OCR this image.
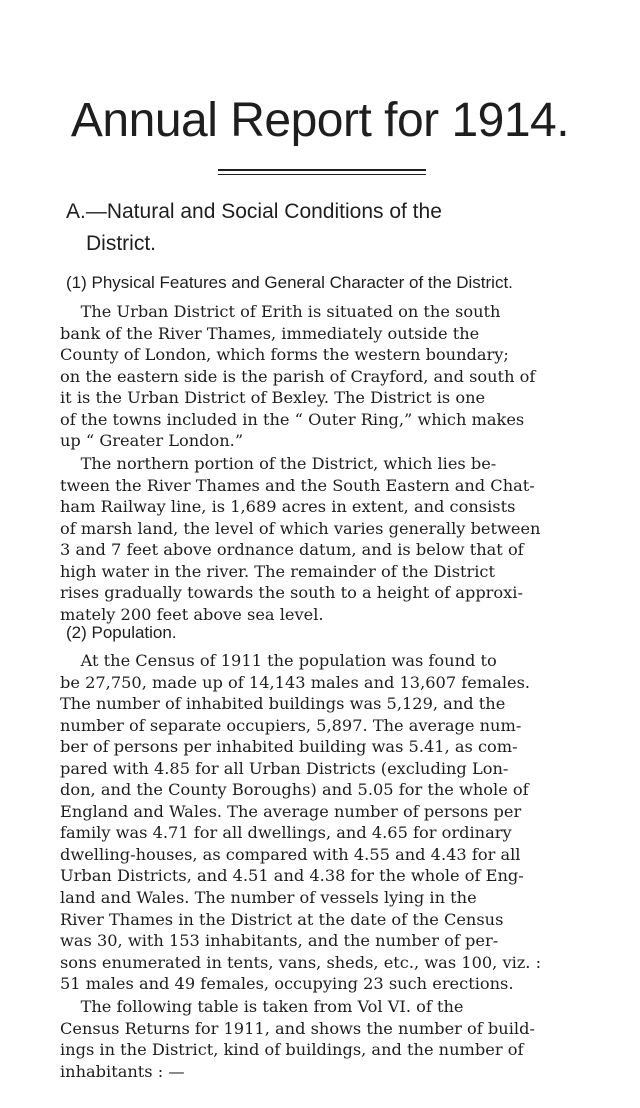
Annual Report for 1914.
A.—Natural and Social Conditions of the
District.
(1) Physical Features and General Character of the District.
The Urban District of Erith is situated on the south
bank of the River Thames, immediately outside the
County of London, which forms the western boundary;
on the eastern side is the parish of Crayford, and south of
it is the Urban District of Bexley. The District is one
of the towns included in the “ Outer Ring,” which makes
up “ Greater London.”
The northern portion of the District, which lies be-
tween the River Thames and the South Eastern and Chat-
ham Railway line, is 1,689 acres in extent, and consists
of marsh land, the level of which varies generally between
3 and 7 feet above ordnance datum, and is below that of
high water in the river. The remainder of the District
rises gradually towards the south to a height of approxi-
mately 200 feet above sea level.
(2) Population.
At the Census of 1911 the population was found to
be 27,750, made up of 14,143 males and 13,607 females.
The number of inhabited buildings was 5,129, and the
number of separate occupiers, 5,897. The average num-
ber of persons per inhabited building was 5.41, as com-
pared with 4.85 for all Urban Districts (excluding Lon-
don, and the County Boroughs) and 5.05 for the whole of
England and Wales. The average number of persons per
family was 4.71 for all dwellings, and 4.65 for ordinary
dwelling-houses, as compared with 4.55 and 4.43 for all
Urban Districts, and 4.51 and 4.38 for the whole of Eng-
land and Wales. The number of vessels lying in the
River Thames in the District at the date of the Census
was 30, with 153 inhabitants, and the number of per-
sons enumerated in tents, vans, sheds, etc., was 100, viz. :
51 males and 49 females, occupying 23 such erections.
The following table is taken from Vol VI. of the
Census Returns for 1911, and shows the number of build-
ings in the District, kind of buildings, and the number of
inhabitants : —
